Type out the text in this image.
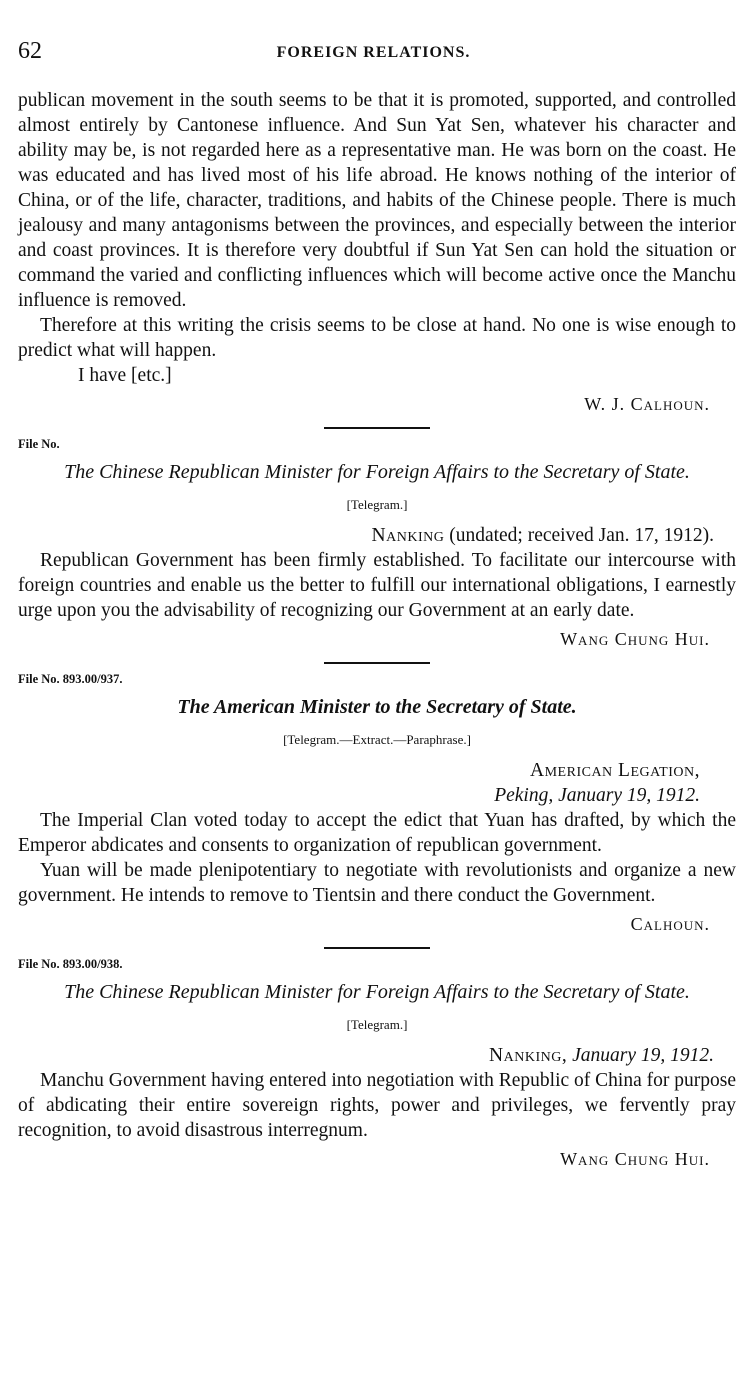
62	FOREIGN RELATIONS.

publican movement in the south seems to be that it is promoted, supported, and controlled almost entirely by Cantonese influence. And Sun Yat Sen, whatever his character and ability may be, is not regarded here as a representative man. He was born on the coast. He was educated and has lived most of his life abroad. He knows nothing of the interior of China, or of the life, character, traditions, and habits of the Chinese people. There is much jealousy and many antagonisms between the provinces, and especially between the interior and coast provinces. It is therefore very doubtful if Sun Yat Sen can hold the situation or command the varied and conflicting influences which will become active once the Manchu influence is removed.

Therefore at this writing the crisis seems to be close at hand. No one is wise enough to predict what will happen.

I have [etc.]

W. J. Calhoun.
File No.
The Chinese Republican Minister for Foreign Affairs to the Secretary of State.
[Telegram.]
Nanking (undated; received Jan. 17, 1912).

Republican Government has been firmly established. To facilitate our intercourse with foreign countries and enable us the better to fulfill our international obligations, I earnestly urge upon you the advisability of recognizing our Government at an early date.

Wang Chung Hui.
File No. 893.00/937.
The American Minister to the Secretary of State.
[Telegram.—Extract.—Paraphrase.]
American Legation,
Peking, January 19, 1912.

The Imperial Clan voted today to accept the edict that Yuan has drafted, by which the Emperor abdicates and consents to organization of republican government.

Yuan will be made plenipotentiary to negotiate with revolutionists and organize a new government. He intends to remove to Tientsin and there conduct the Government.

Calhoun.
File No. 893.00/938.
The Chinese Republican Minister for Foreign Affairs to the Secretary of State.
[Telegram.]
Nanking, January 19, 1912.

Manchu Government having entered into negotiation with Republic of China for purpose of abdicating their entire sovereign rights, power and privileges, we fervently pray recognition, to avoid disastrous interregnum.

Wang Chung Hui.
